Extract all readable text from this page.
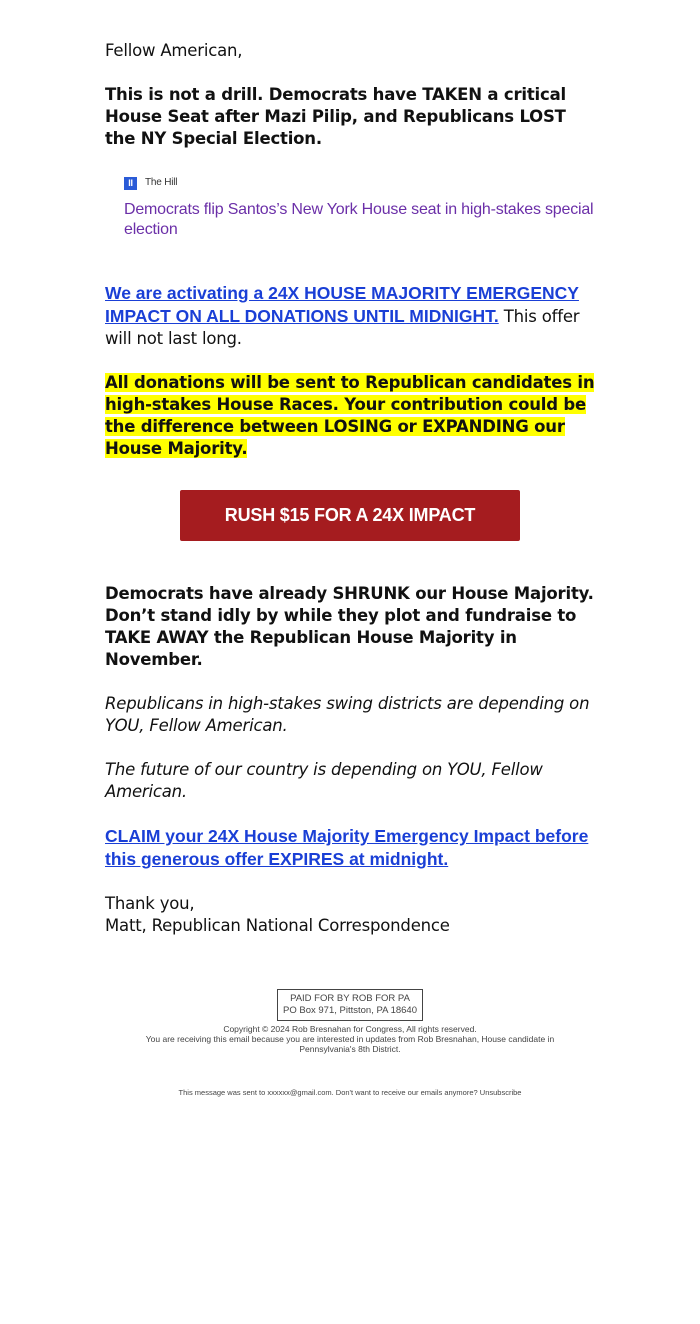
Fellow American,

This is not a drill. Democrats have TAKEN a critical House Seat after Mazi Pilip, and Republicans LOST the NY Special Election.

II	The Hill
Democrats flip Santos’s New York House seat in high-stakes special election

We are activating a 24X HOUSE MAJORITY EMERGENCY IMPACT ON ALL DONATIONS UNTIL MIDNIGHT. This offer will not last long.

All donations will be sent to Republican candidates in high-stakes House Races. Your contribution could be the difference between LOSING or EXPANDING our House Majority.

RUSH $15 FOR A 24X IMPACT

Democrats have already SHRUNK our House Majority. Don’t stand idly by while they plot and fundraise to TAKE AWAY the Republican House Majority in November.

Republicans in high-stakes swing districts are depending on YOU, Fellow American.

The future of our country is depending on YOU, Fellow American.

CLAIM your 24X House Majority Emergency Impact before this generous offer EXPIRES at midnight.

Thank you,
Matt, Republican National Correspondence
PAID FOR BY ROB FOR PA
PO Box 971, Pittston, PA 18640
Copyright © 2024 Rob Bresnahan for Congress, All rights reserved.
You are receiving this email because you are interested in updates from Rob Bresnahan, House candidate in Pennsylvania's 8th District.
This message was sent to xxxxxx@gmail.com. Don't want to receive our emails anymore? Unsubscribe
